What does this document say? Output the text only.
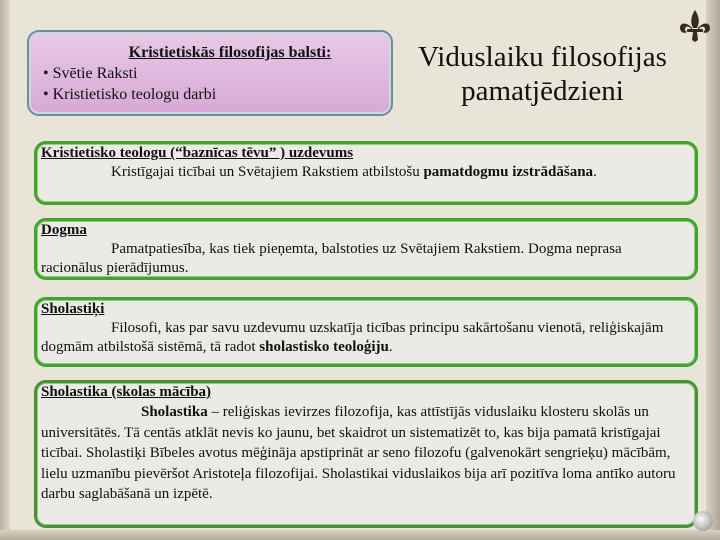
Kristietiskās filosofijas balsti:
• Svētie Raksti
• Kristietisko teologu darbi
Viduslaiku filosofijas
pamatjēdzieni
Kristietisko teologu (“baznīcas tēvu” ) uzdevums
Kristīgajai ticībai un Svētajiem Rakstiem atbilstošu pamatdogmu izstrādāšana.
Dogma
Pamatpatiesība, kas tiek pieņemta, balstoties uz Svētajiem Rakstiem. Dogma neprasa racionālus pierādījumus.
Sholastiķi
Filosofi, kas par savu uzdevumu uzskatīja ticības principu sakārtošanu vienotā, reliģiskajām dogmām atbilstošā sistēmā, tā radot sholastisko teoloģiju.
Sholastika (skolas mācība)
Sholastika – reliģiskas ievirzes filozofija, kas attīstījās viduslaiku klosteru skolās un universitātēs. Tā centās atklāt nevis ko jaunu, bet skaidrot un sistematizēt to, kas bija pamatā kristīgajai ticībai. Sholastiķi Bībeles avotus mēģināja apstiprināt ar seno filozofu (galvenokārt sengrieķu) mācībām, lielu uzmanību pievēršot Aristoteļa filozofijai. Sholastikai viduslaikos bija arī pozitīva loma antīko autoru darbu saglabāšanā un izpētē.
